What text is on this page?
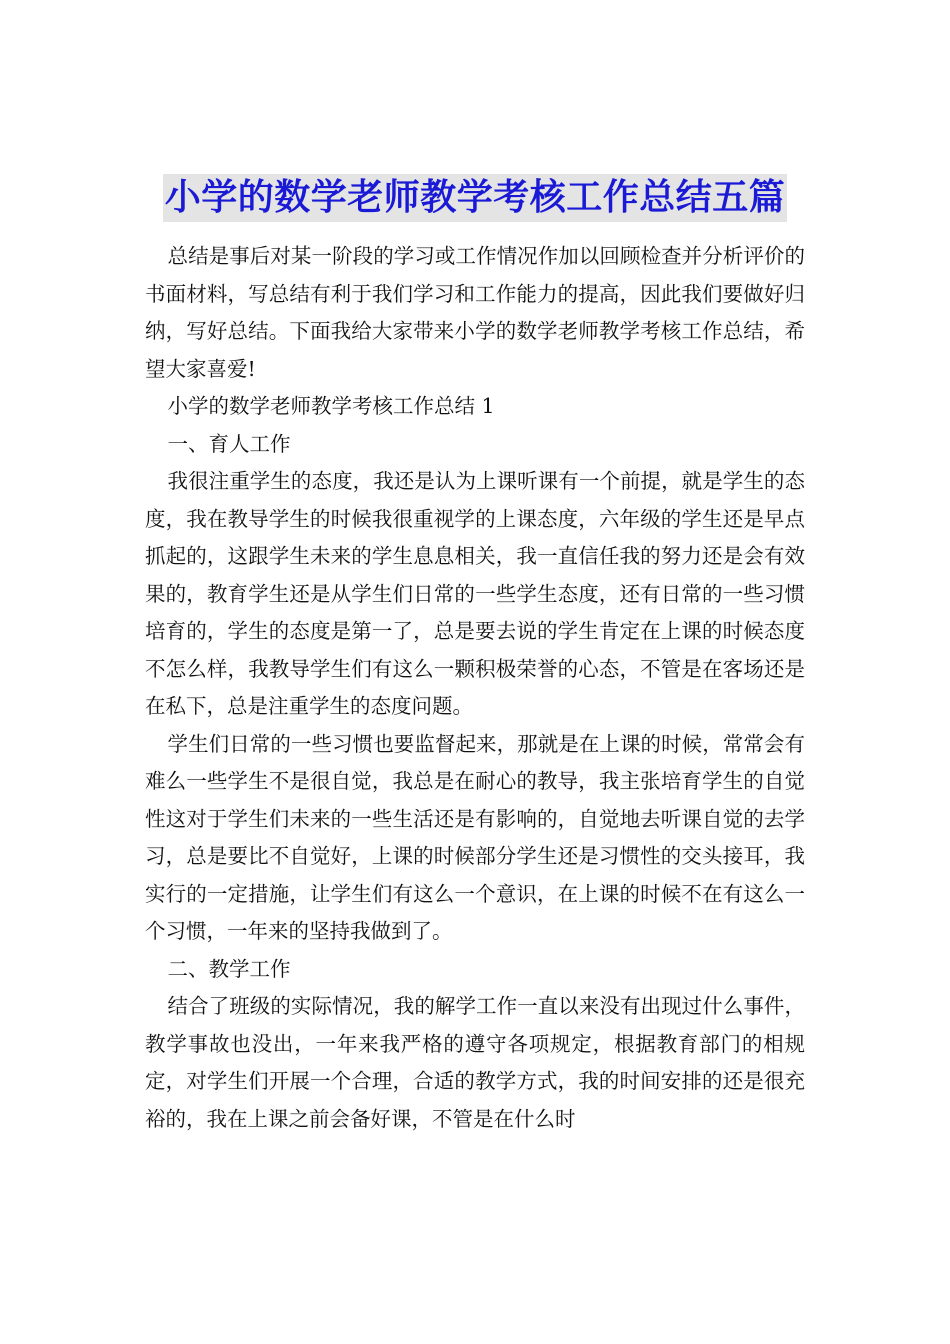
小学的数学老师教学考核工作总结五篇

总结是事后对某一阶段的学习或工作情况作加以回顾检查并分析评价的书面材料，写总结有利于我们学习和工作能力的提高，因此我们要做好归纳，写好总结。下面我给大家带来小学的数学老师教学考核工作总结，希望大家喜爱!

小学的数学老师教学考核工作总结 1

一、育人工作

我很注重学生的态度，我还是认为上课听课有一个前提，就是学生的态度，我在教导学生的时候我很重视学的上课态度，六年级的学生还是早点抓起的，这跟学生未来的学生息息相关，我一直信任我的努力还是会有效果的，教育学生还是从学生们日常的一些学生态度，还有日常的一些习惯培育的，学生的态度是第一了，总是要去说的学生肯定在上课的时候态度不怎么样，我教导学生们有这么一颗积极荣誉的心态，不管是在客场还是在私下，总是注重学生的态度问题。

学生们日常的一些习惯也要监督起来，那就是在上课的时候，常常会有难么一些学生不是很自觉，我总是在耐心的教导，我主张培育学生的自觉性这对于学生们未来的一些生活还是有影响的，自觉地去听课自觉的去学习，总是要比不自觉好，上课的时候部分学生还是习惯性的交头接耳，我实行的一定措施，让学生们有这么一个意识，在上课的时候不在有这么一个习惯，一年来的坚持我做到了。

二、教学工作

结合了班级的实际情况，我的解学工作一直以来没有出现过什么事件，教学事故也没出，一年来我严格的遵守各项规定，根据教育部门的相规定，对学生们开展一个合理，合适的教学方式，我的时间安排的还是很充裕的，我在上课之前会备好课，不管是在什么时
